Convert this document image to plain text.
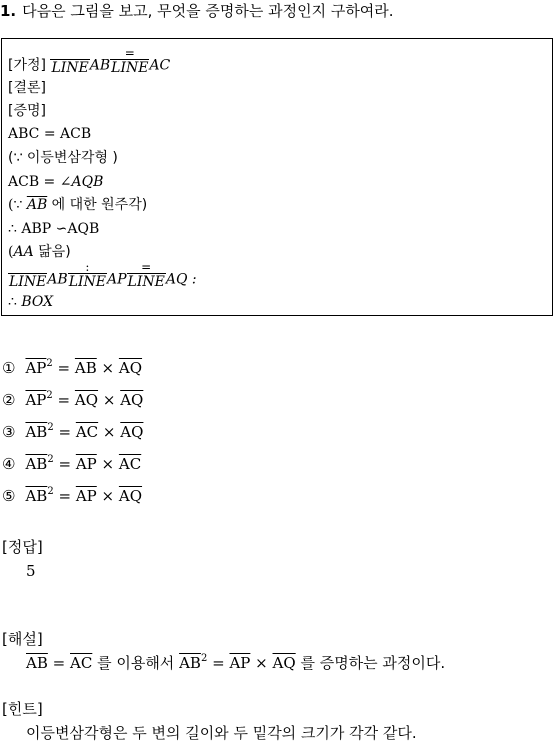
1. 다음은 그림을 보고, 무엇을 증명하는 과정인지 구하여라.
[가정]
LINE AB $\frac{=}{\text{LINE}}$ AC
[결론]
[증명]
ABC = ACB
(∵ 이등변삼각형 )
ACB = ∠AQB
(∵ $\overline{AB}$ 에 대한 원주각)
∴ ABP ∽AQB
(AA 닮음)

LINE AB $\frac{:}{\text{LINE}}$ AP $\frac{=}{\text{LINE}}$ AQ :
∴ BOX
① $\overline{AP}^2 = \overline{AB} \times \overline{AQ}$
② $\overline{AP}^2 = \overline{AQ} \times \overline{AQ}$
③ $\overline{AB}^2 = \overline{AC} \times \overline{AQ}$
④ $\overline{AB}^2 = \overline{AP} \times \overline{AC}$
⑤ $\overline{AB}^2 = \overline{AP} \times \overline{AQ}$
[정답]
5
[해설]
$\overline{AB} = \overline{AC}$ 를 이용해서 $\overline{AB}^2 = \overline{AP} \times \overline{AQ}$ 를 증명하는 과정이다.
[힌트]
이등변삼각형은 두 변의 길이와 두 밑각의 크기가 각각 같다.
